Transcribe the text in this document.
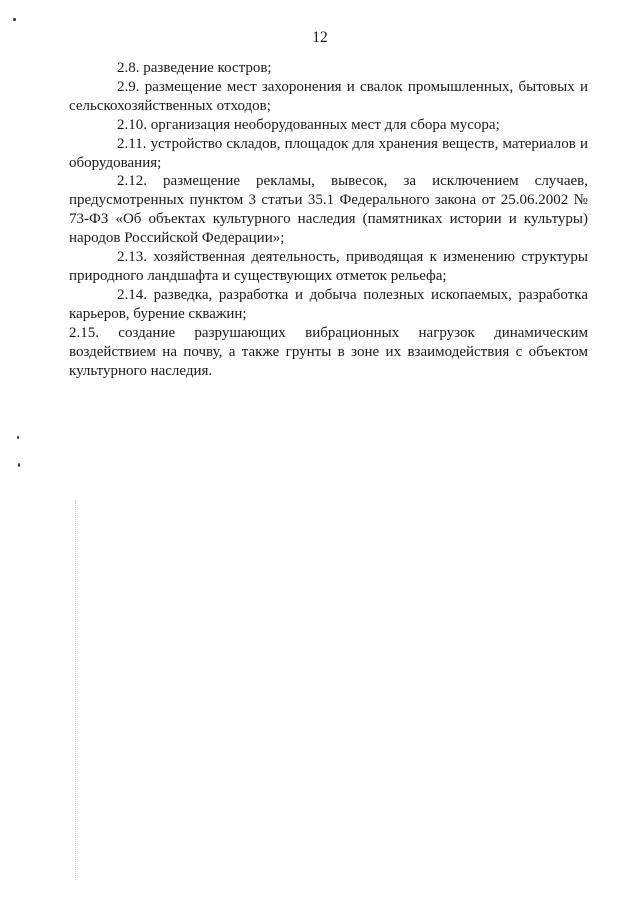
12

2.8. разведение костров;

2.9. размещение мест захоронения и свалок промышленных, бытовых и сельскохозяйственных отходов;

2.10. организация необорудованных мест для сбора мусора;

2.11. устройство складов, площадок для хранения веществ, материалов и оборудования;

2.12. размещение рекламы, вывесок, за исключением случаев, предусмотренных пунктом 3 статьи 35.1 Федерального закона от 25.06.2002 № 73-ФЗ «Об объектах культурного наследия (памятниках истории и культуры) народов Российской Федерации»;

2.13. хозяйственная деятельность, приводящая к изменению структуры природного ландшафта и существующих отметок рельефа;

2.14. разведка, разработка и добыча полезных ископаемых, разработка карьеров, бурение скважин;

2.15. создание разрушающих вибрационных нагрузок динамическим воздействием на почву, а также грунты в зоне их взаимодействия с объектом культурного наследия.
